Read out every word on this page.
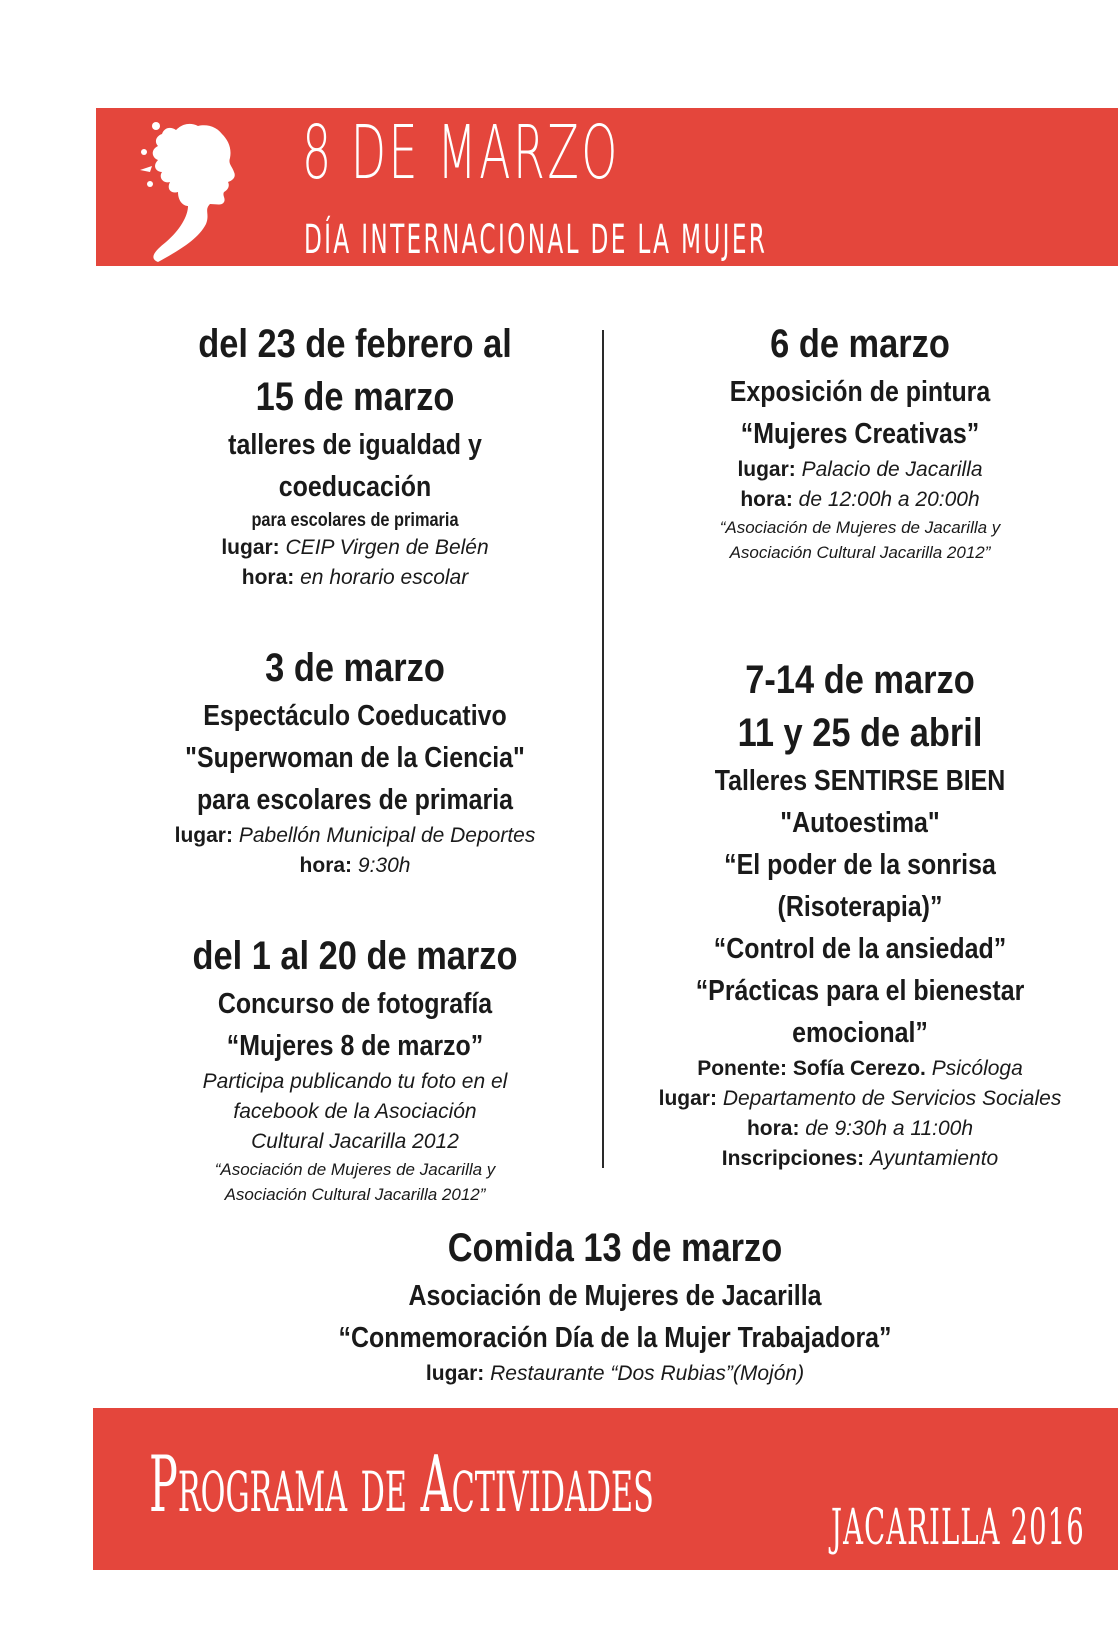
8 DE MARZO
DÍA INTERNACIONAL DE LA MUJER
del 23 de febrero al
15 de marzo
talleres de igualdad y
coeducación
para escolares de primaria
lugar: CEIP Virgen de Belén
hora: en horario escolar
3 de marzo
Espectáculo Coeducativo
"Superwoman de la Ciencia"
para escolares de primaria
lugar: Pabellón Municipal de Deportes
hora: 9:30h
del 1 al 20 de marzo
Concurso de fotografía
“Mujeres 8 de marzo”
Participa publicando tu foto en el
facebook de la Asociación
Cultural Jacarilla 2012
“Asociación de Mujeres de Jacarilla y
Asociación Cultural Jacarilla 2012”
6 de marzo
Exposición de pintura
“Mujeres Creativas”
lugar: Palacio de Jacarilla
hora: de 12:00h a 20:00h
“Asociación de Mujeres de Jacarilla y
Asociación Cultural Jacarilla 2012”
7-14 de marzo
11 y 25 de abril
Talleres SENTIRSE BIEN
"Autoestima"
“El poder de la sonrisa
(Risoterapia)”
“Control de la ansiedad”
“Prácticas para el bienestar
emocional”
Ponente: Sofía Cerezo. Psicóloga
lugar: Departamento de Servicios Sociales
hora: de 9:30h a 11:00h
Inscripciones: Ayuntamiento
Comida 13 de marzo
Asociación de Mujeres de Jacarilla
“Conmemoración Día de la Mujer Trabajadora”
lugar: Restaurante “Dos Rubias”(Mojón)
Programa de Actividades	JACARILLA 2016
